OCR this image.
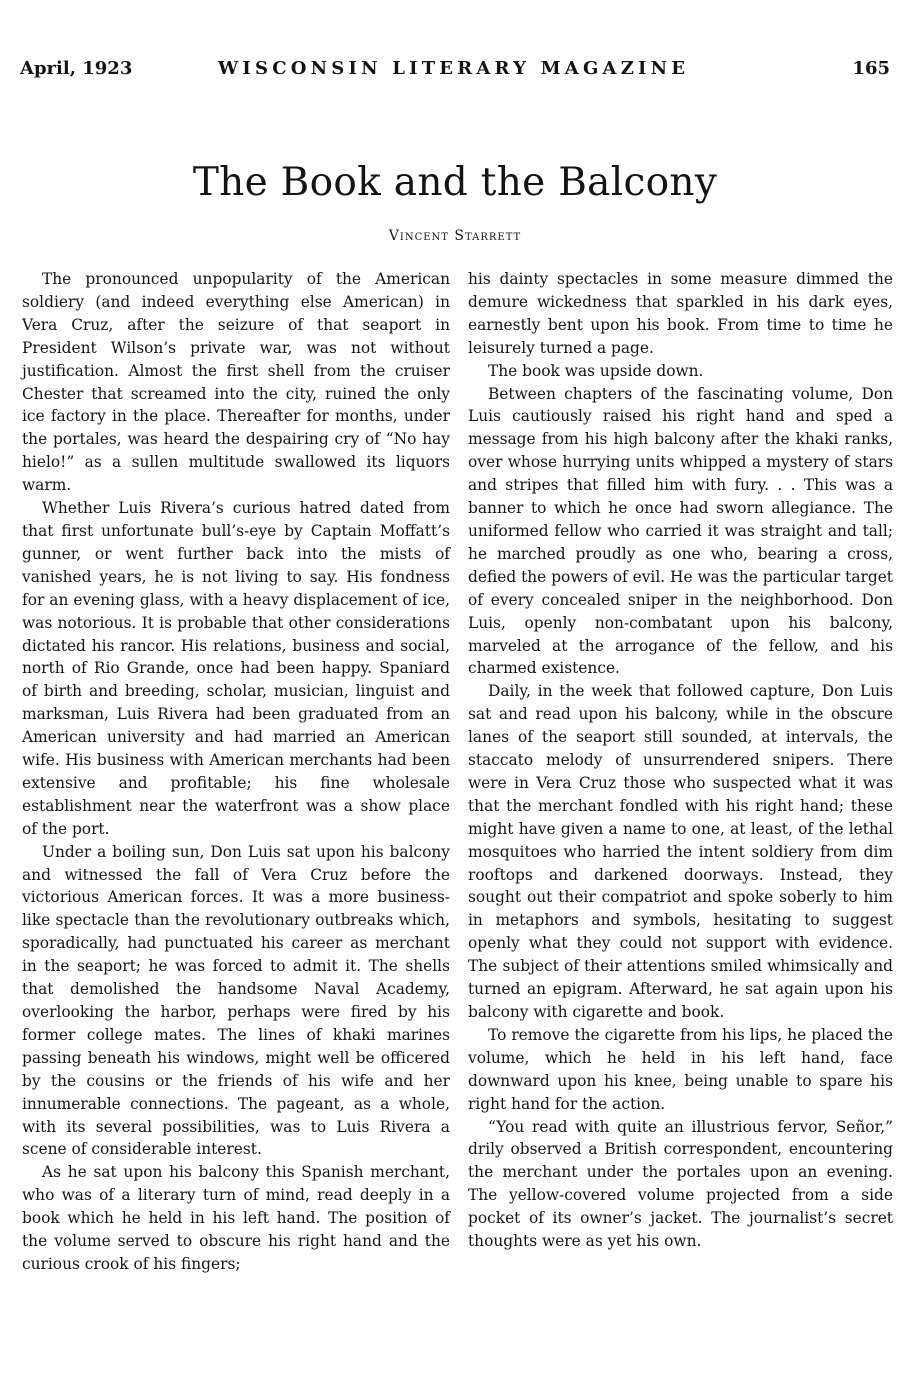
April, 1923	WISCONSIN LITERARY MAGAZINE	165
The Book and the Balcony
Vincent Starrett

The pronounced unpopularity of the American soldiery (and indeed everything else American) in Vera Cruz, after the seizure of that seaport in President Wilson’s private war, was not without justification. Almost the first shell from the cruiser Chester that screamed into the city, ruined the only ice factory in the place. Thereafter for months, under the portales, was heard the despairing cry of “No hay hielo!” as a sullen multitude swallowed its liquors warm.

Whether Luis Rivera’s curious hatred dated from that first unfortunate bull’s-eye by Captain Moffatt’s gunner, or went further back into the mists of vanished years, he is not living to say. His fondness for an evening glass, with a heavy displacement of ice, was notorious. It is probable that other considerations dictated his rancor. His relations, business and social, north of Rio Grande, once had been happy. Spaniard of birth and breeding, scholar, musician, linguist and marksman, Luis Rivera had been graduated from an American university and had married an American wife. His business with American merchants had been extensive and profitable; his fine wholesale establishment near the waterfront was a show place of the port.

Under a boiling sun, Don Luis sat upon his balcony and witnessed the fall of Vera Cruz before the victorious American forces. It was a more business-like spectacle than the revolutionary outbreaks which, sporadically, had punctuated his career as merchant in the seaport; he was forced to admit it. The shells that demolished the handsome Naval Academy, overlooking the harbor, perhaps were fired by his former college mates. The lines of khaki marines passing beneath his windows, might well be officered by the cousins or the friends of his wife and her innumerable connections. The pageant, as a whole, with its several possibilities, was to Luis Rivera a scene of considerable interest.

As he sat upon his balcony this Spanish merchant, who was of a literary turn of mind, read deeply in a book which he held in his left hand. The position of the volume served to obscure his right hand and the curious crook of his fingers;

his dainty spectacles in some measure dimmed the demure wickedness that sparkled in his dark eyes, earnestly bent upon his book. From time to time he leisurely turned a page.

The book was upside down.

Between chapters of the fascinating volume, Don Luis cautiously raised his right hand and sped a message from his high balcony after the khaki ranks, over whose hurrying units whipped a mystery of stars and stripes that filled him with fury. . . This was a banner to which he once had sworn allegiance. The uniformed fellow who carried it was straight and tall; he marched proudly as one who, bearing a cross, defied the powers of evil. He was the particular target of every concealed sniper in the neighborhood. Don Luis, openly non-combatant upon his balcony, marveled at the arrogance of the fellow, and his charmed existence.

Daily, in the week that followed capture, Don Luis sat and read upon his balcony, while in the obscure lanes of the seaport still sounded, at intervals, the staccato melody of unsurrendered snipers. There were in Vera Cruz those who suspected what it was that the merchant fondled with his right hand; these might have given a name to one, at least, of the lethal mosquitoes who harried the intent soldiery from dim rooftops and darkened doorways. Instead, they sought out their compatriot and spoke soberly to him in metaphors and symbols, hesitating to suggest openly what they could not support with evidence. The subject of their attentions smiled whimsically and turned an epigram. Afterward, he sat again upon his balcony with cigarette and book.

To remove the cigarette from his lips, he placed the volume, which he held in his left hand, face downward upon his knee, being unable to spare his right hand for the action.

“You read with quite an illustrious fervor, Señor,” drily observed a British correspondent, encountering the merchant under the portales upon an evening. The yellow-covered volume projected from a side pocket of its owner’s jacket. The journalist’s secret thoughts were as yet his own.
